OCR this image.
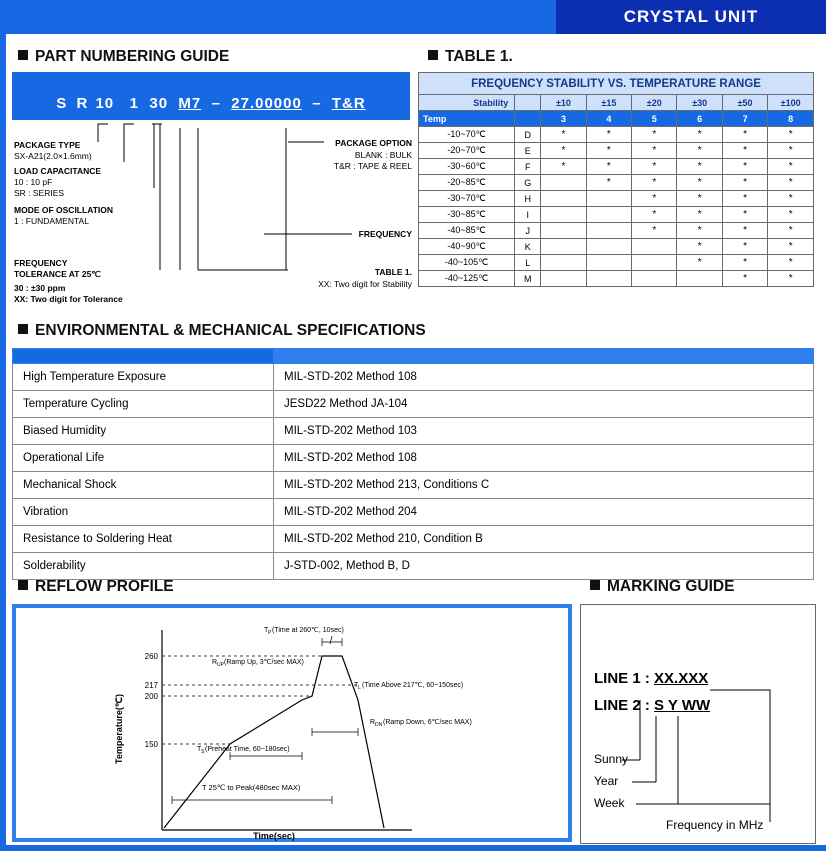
CRYSTAL UNIT
PART NUMBERING GUIDE	TABLE 1.
ENVIRONMENTAL & MECHANICAL SPECIFICATIONS
REFLOW PROFILE	MARKING GUIDE
S R 10 1 30 M7 – 27.00000 – T&R
PACKAGE TYPE
SX-A21(2.0×1.6mm)
LOAD CAPACITANCE
10 : 10 pF
SR : SERIES
MODE OF OSCILLATION
1 : FUNDAMENTAL
FREQUENCY
TOLERANCE AT 25℃
30 : ±30 ppm
XX: Two digit for Tolerance
PACKAGE OPTION
BLANK : BULK
T&R : TAPE & REEL
FREQUENCY
TABLE 1.
XX: Two digit for Stability
FREQUENCY STABILITY VS. TEMPERATURE RANGE							
Stability		±10	±15	±20	±30	±50	±100
Temp		3	4	5	6	7	8
-10~70℃	D	*	*	*	*	*	*
-20~70℃	E	*	*	*	*	*	*
-30~60℃	F	*	*	*	*	*	*
-20~85℃	G		*	*	*	*	*
-30~70℃	H			*	*	*	*
-30~85℃	I			*	*	*	*
-40~85℃	J			*	*	*	*
-40~90℃	K				*	*	*
-40~105℃	L				*	*	*
-40~125℃	M					*	*

High Temperature Exposure	MIL-STD-202 Method 108
Temperature Cycling	JESD22 Method JA-104
Biased Humidity	MIL-STD-202 Method 103
Operational Life	MIL-STD-202 Method 108
Mechanical Shock	MIL-STD-202 Method 213, Conditions C
Vibration	MIL-STD-202 Method 204
Resistance to Soldering Heat	MIL-STD-202 Method 210, Condition B
Solderability	J-STD-002, Method B, D
260
217
200
150
Temperature(℃)
Time(sec)
T P (Time at 260℃, 10sec)
R UP (Ramp Up, 3℃/sec MAX)
T L (Time Above 217℃, 60~150sec)
R DN (Ramp Down, 6℃/sec MAX)
T S (Preheat Time, 60~180sec)
T 25℃ to Peak(480sec MAX)
LINE 1 : XX.XXX
LINE 2 : S Y WW
Sunny
Year
Week
Frequency in MHz
